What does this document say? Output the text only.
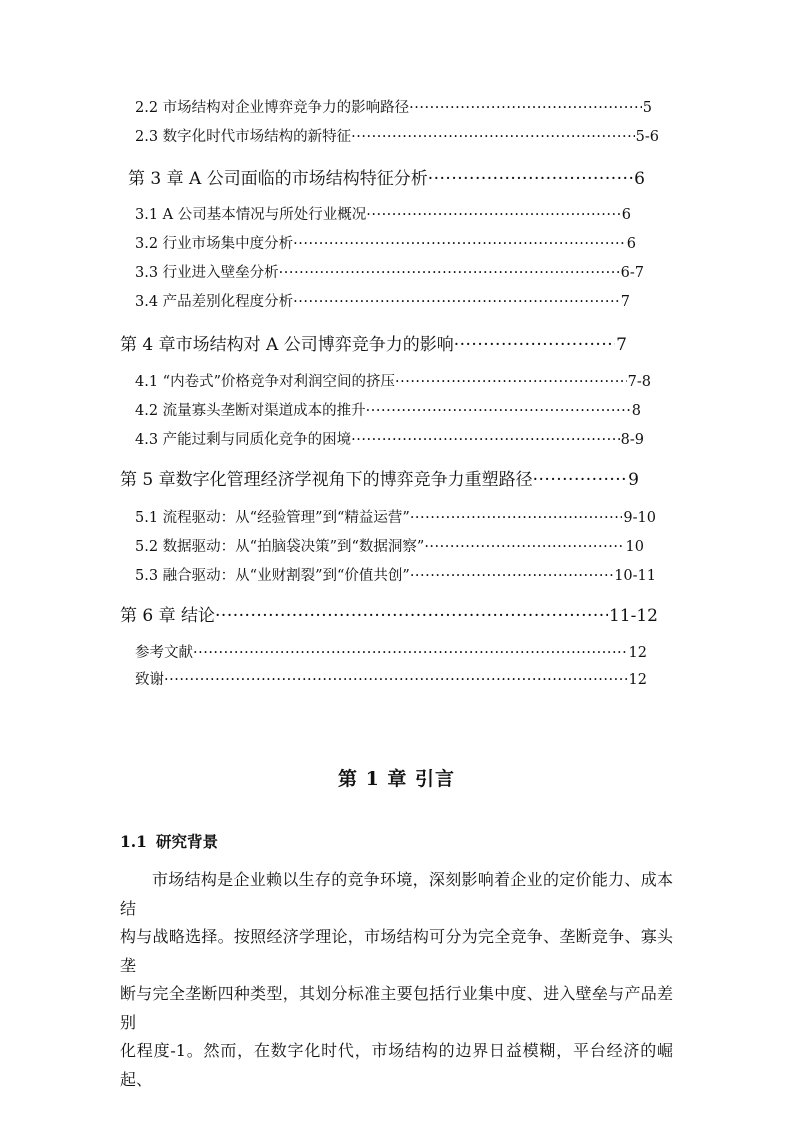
2.2 市场结构对企业博弈竞争力的影响路径 ·····	5
2.3 数字化时代市场结构的新特征 ·····	5-6
第 3 章 A 公司面临的市场结构特征分析 ·····	6
3.1 A 公司基本情况与所处行业概况 ·····	6
3.2 行业市场集中度分析 ·····	6
3.3 行业进入壁垒分析 ·····	6-7
3.4 产品差别化程度分析 ·····	7
第 4 章市场结构对 A 公司博弈竞争力的影响 ·····	7
4.1 “内卷式”价格竞争对利润空间的挤压 ·····	7-8
4.2 流量寡头垄断对渠道成本的推升 ·····	8
4.3 产能过剩与同质化竞争的困境 ·····	8-9
第 5 章数字化管理经济学视角下的博弈竞争力重塑路径 ·····	9
5.1 流程驱动：从“经验管理”到“精益运营” ·····	9-10
5.2 数据驱动：从“拍脑袋决策”到“数据洞察” ·····	10
5.3 融合驱动：从“业财割裂”到“价值共创” ·····	10-11
第 6 章 结论 ·····	11-12
参考文献 ·····	12
致谢 ·····	12
第 1 章 引言
1.1 研究背景
市场结构是企业赖以生存的竞争环境，深刻影响着企业的定价能力、成本结
构与战略选择。按照经济学理论，市场结构可分为完全竞争、垄断竞争、寡头垄
断与完全垄断四种类型，其划分标准主要包括行业集中度、进入壁垒与产品差别
化程度-1。然而，在数字化时代，市场结构的边界日益模糊，平台经济的崛起、
